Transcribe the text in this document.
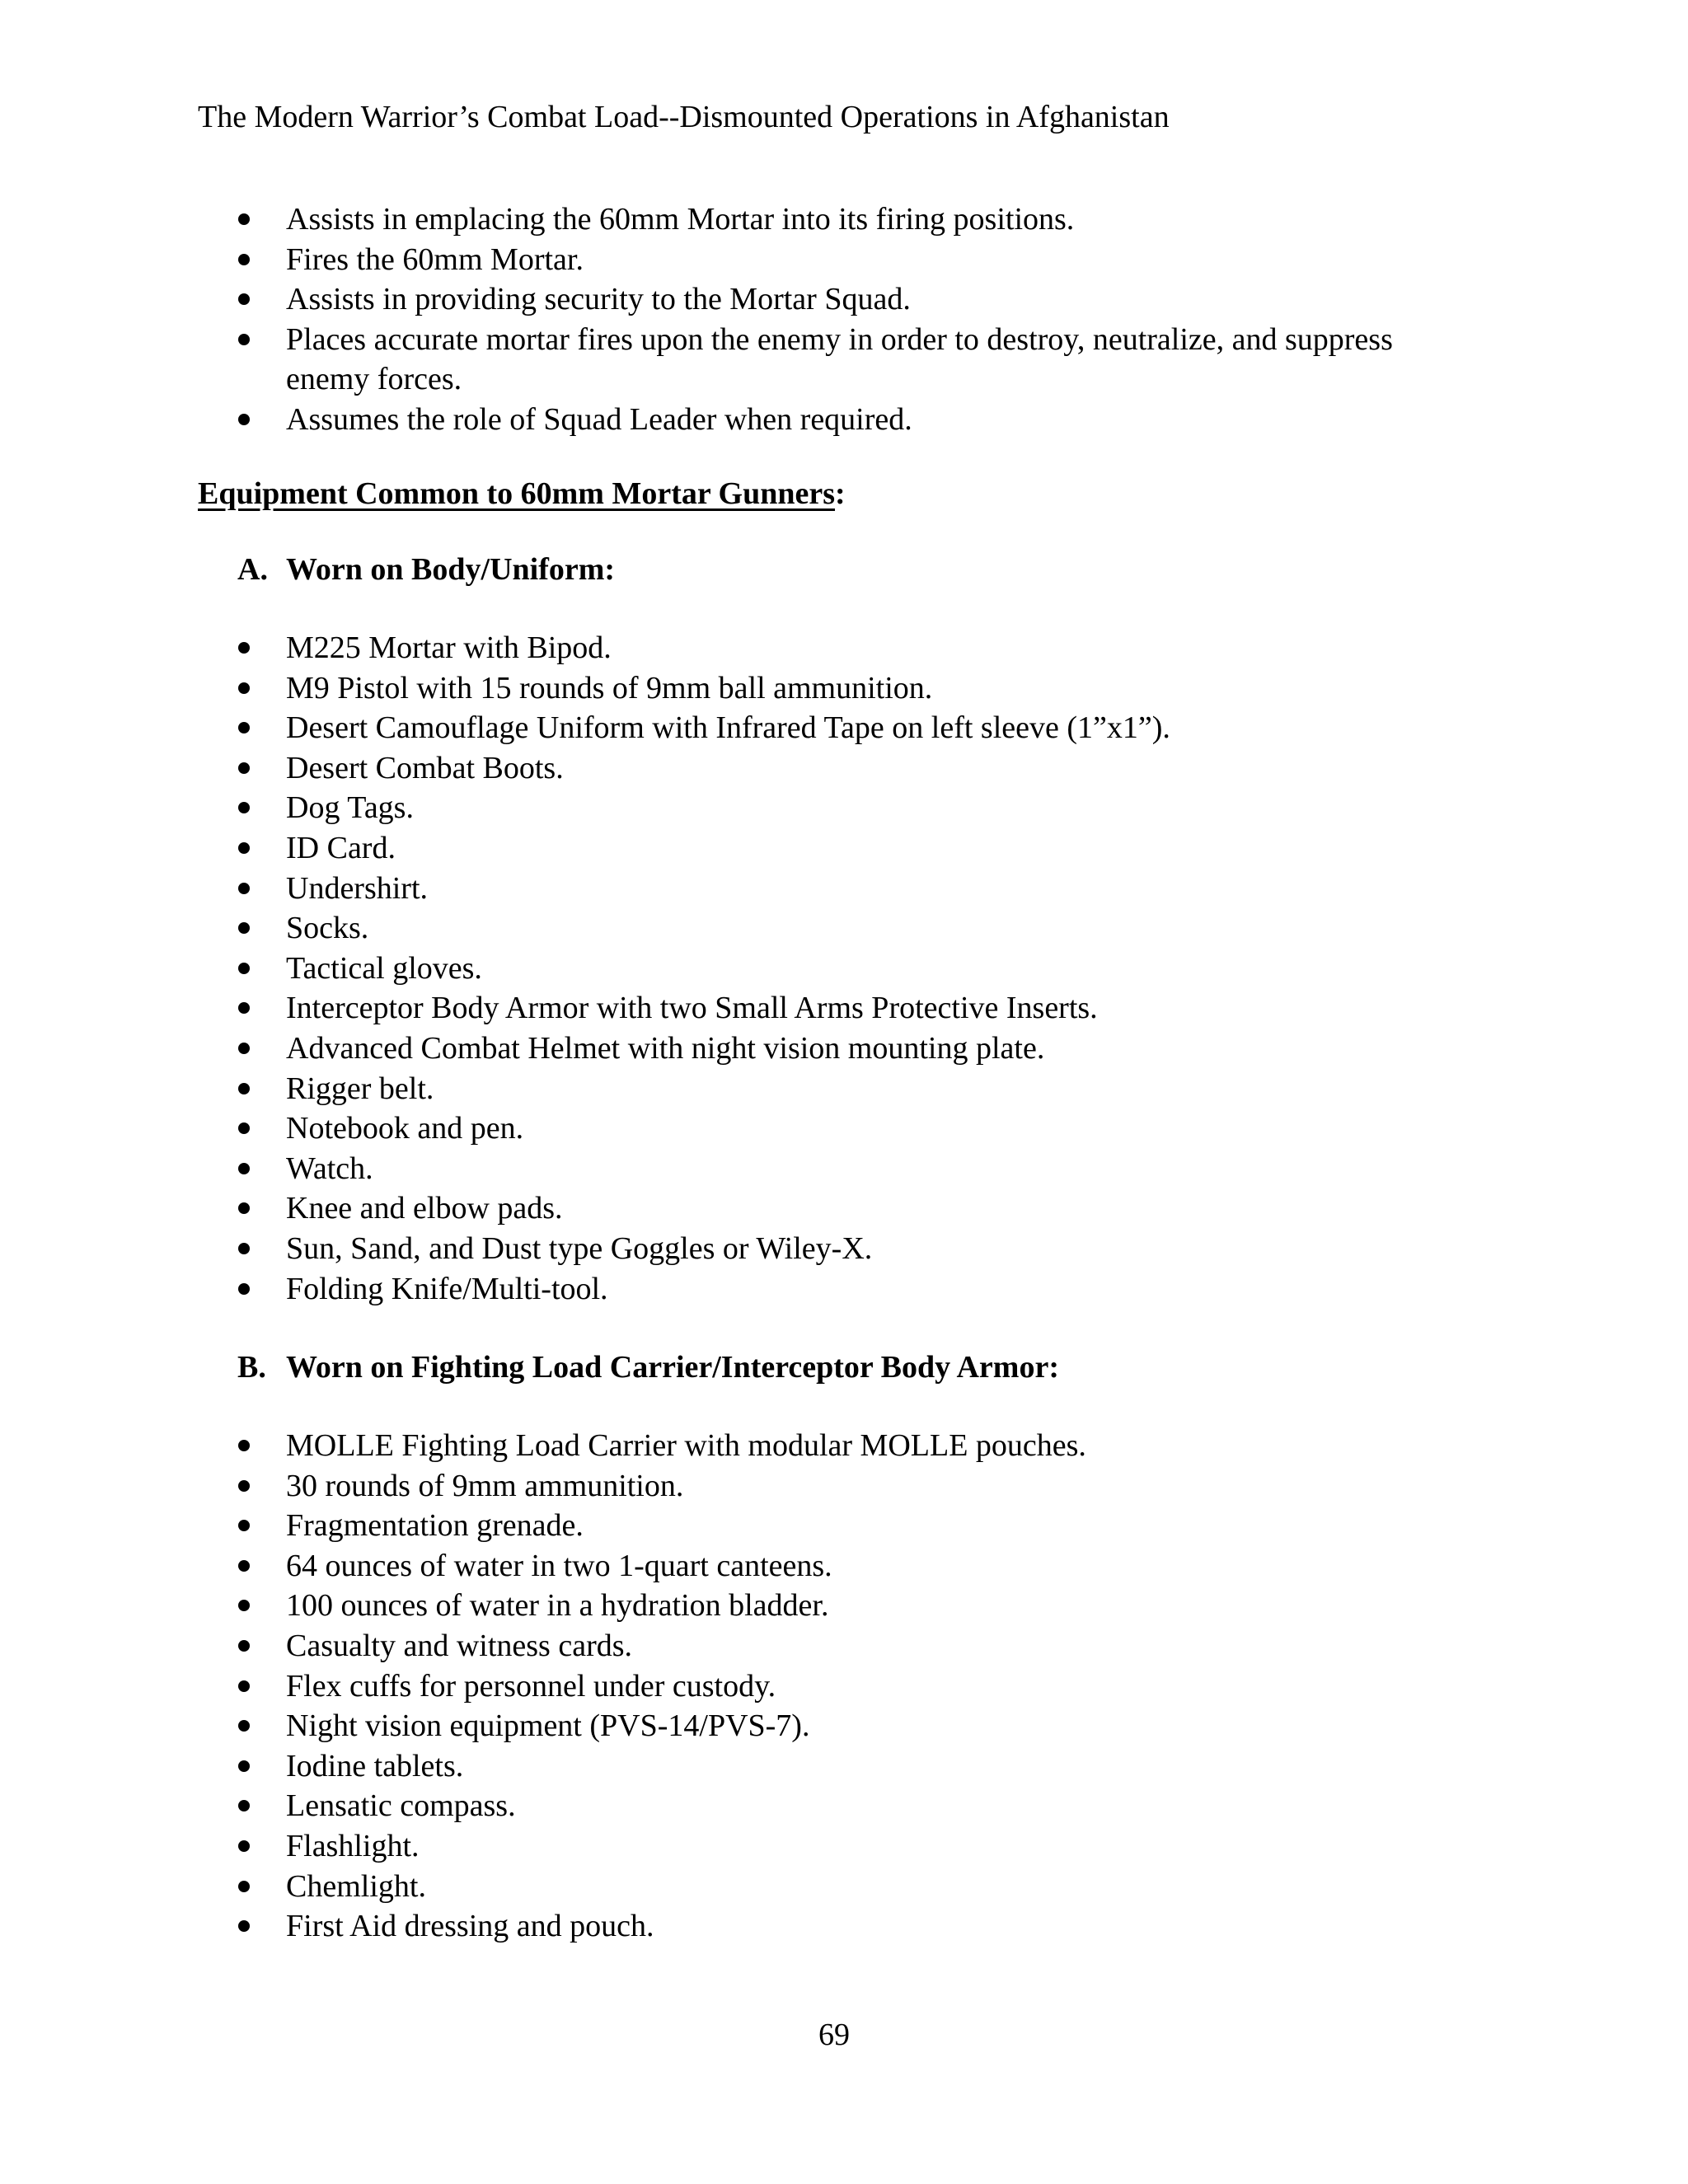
The Modern Warrior’s Combat Load--Dismounted Operations in Afghanistan
Assists in emplacing the 60mm Mortar into its firing positions.
Fires the 60mm Mortar.
Assists in providing security to the Mortar Squad.
Places accurate mortar fires upon the enemy in order to destroy, neutralize, and suppress enemy forces.
Assumes the role of Squad Leader when required.
Equipment Common to 60mm Mortar Gunners:
A. Worn on Body/Uniform:
M225 Mortar with Bipod.
M9 Pistol with 15 rounds of 9mm ball ammunition.
Desert Camouflage Uniform with Infrared Tape on left sleeve (1”x1”).
Desert Combat Boots.
Dog Tags.
ID Card.
Undershirt.
Socks.
Tactical gloves.
Interceptor Body Armor with two Small Arms Protective Inserts.
Advanced Combat Helmet with night vision mounting plate.
Rigger belt.
Notebook and pen.
Watch.
Knee and elbow pads.
Sun, Sand, and Dust type Goggles or Wiley-X.
Folding Knife/Multi-tool.
B. Worn on Fighting Load Carrier/Interceptor Body Armor:
MOLLE Fighting Load Carrier with modular MOLLE pouches.
30 rounds of 9mm ammunition.
Fragmentation grenade.
64 ounces of water in two 1-quart canteens.
100 ounces of water in a hydration bladder.
Casualty and witness cards.
Flex cuffs for personnel under custody.
Night vision equipment (PVS-14/PVS-7).
Iodine tablets.
Lensatic compass.
Flashlight.
Chemlight.
First Aid dressing and pouch.
69
